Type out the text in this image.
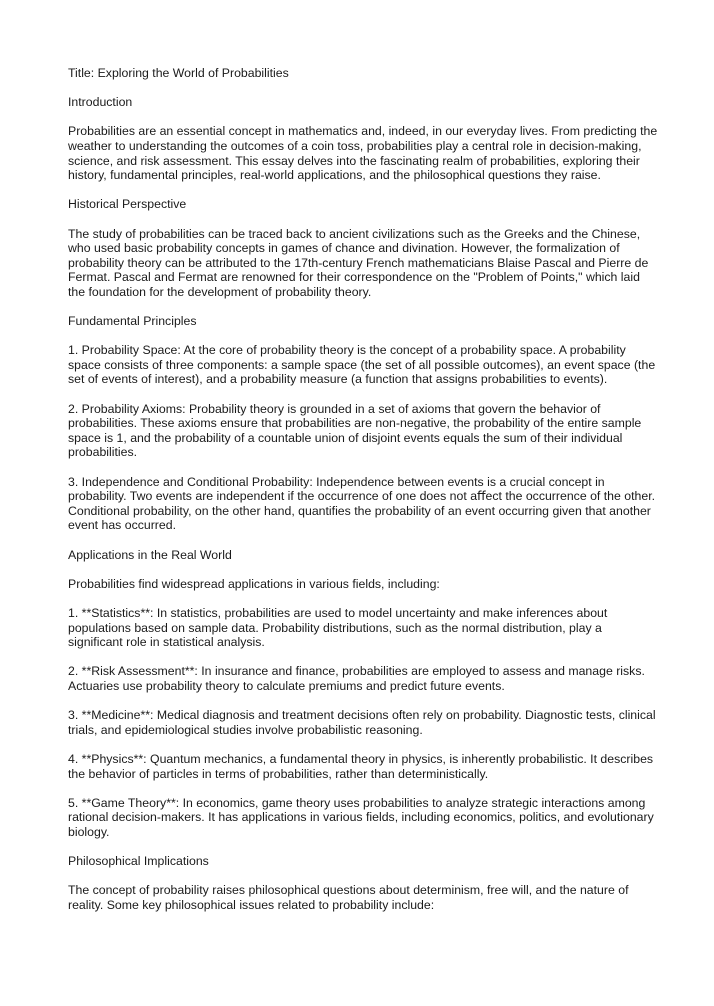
Title: Exploring the World of Probabilities

Introduction

Probabilities are an essential concept in mathematics and, indeed, in our everyday lives. From predicting the weather to understanding the outcomes of a coin toss, probabilities play a central role in decision-making, science, and risk assessment. This essay delves into the fascinating realm of probabilities, exploring their history, fundamental principles, real-world applications, and the philosophical questions they raise.

Historical Perspective

The study of probabilities can be traced back to ancient civilizations such as the Greeks and the Chinese, who used basic probability concepts in games of chance and divination. However, the formalization of probability theory can be attributed to the 17th-century French mathematicians Blaise Pascal and Pierre de Fermat. Pascal and Fermat are renowned for their correspondence on the "Problem of Points," which laid the foundation for the development of probability theory.

Fundamental Principles

1. Probability Space: At the core of probability theory is the concept of a probability space. A probability space consists of three components: a sample space (the set of all possible outcomes), an event space (the set of events of interest), and a probability measure (a function that assigns probabilities to events).

2. Probability Axioms: Probability theory is grounded in a set of axioms that govern the behavior of probabilities. These axioms ensure that probabilities are non-negative, the probability of the entire sample space is 1, and the probability of a countable union of disjoint events equals the sum of their individual probabilities.

3. Independence and Conditional Probability: Independence between events is a crucial concept in probability. Two events are independent if the occurrence of one does not aﬀect the occurrence of the other. Conditional probability, on the other hand, quantifies the probability of an event occurring given that another event has occurred.

Applications in the Real World

Probabilities find widespread applications in various fields, including:

1. **Statistics**: In statistics, probabilities are used to model uncertainty and make inferences about populations based on sample data. Probability distributions, such as the normal distribution, play a significant role in statistical analysis.

2. **Risk Assessment**: In insurance and finance, probabilities are employed to assess and manage risks. Actuaries use probability theory to calculate premiums and predict future events.

3. **Medicine**: Medical diagnosis and treatment decisions often rely on probability. Diagnostic tests, clinical trials, and epidemiological studies involve probabilistic reasoning.

4. **Physics**: Quantum mechanics, a fundamental theory in physics, is inherently probabilistic. It describes the behavior of particles in terms of probabilities, rather than deterministically.

5. **Game Theory**: In economics, game theory uses probabilities to analyze strategic interactions among rational decision-makers. It has applications in various fields, including economics, politics, and evolutionary biology.

Philosophical Implications

The concept of probability raises philosophical questions about determinism, free will, and the nature of reality. Some key philosophical issues related to probability include:
